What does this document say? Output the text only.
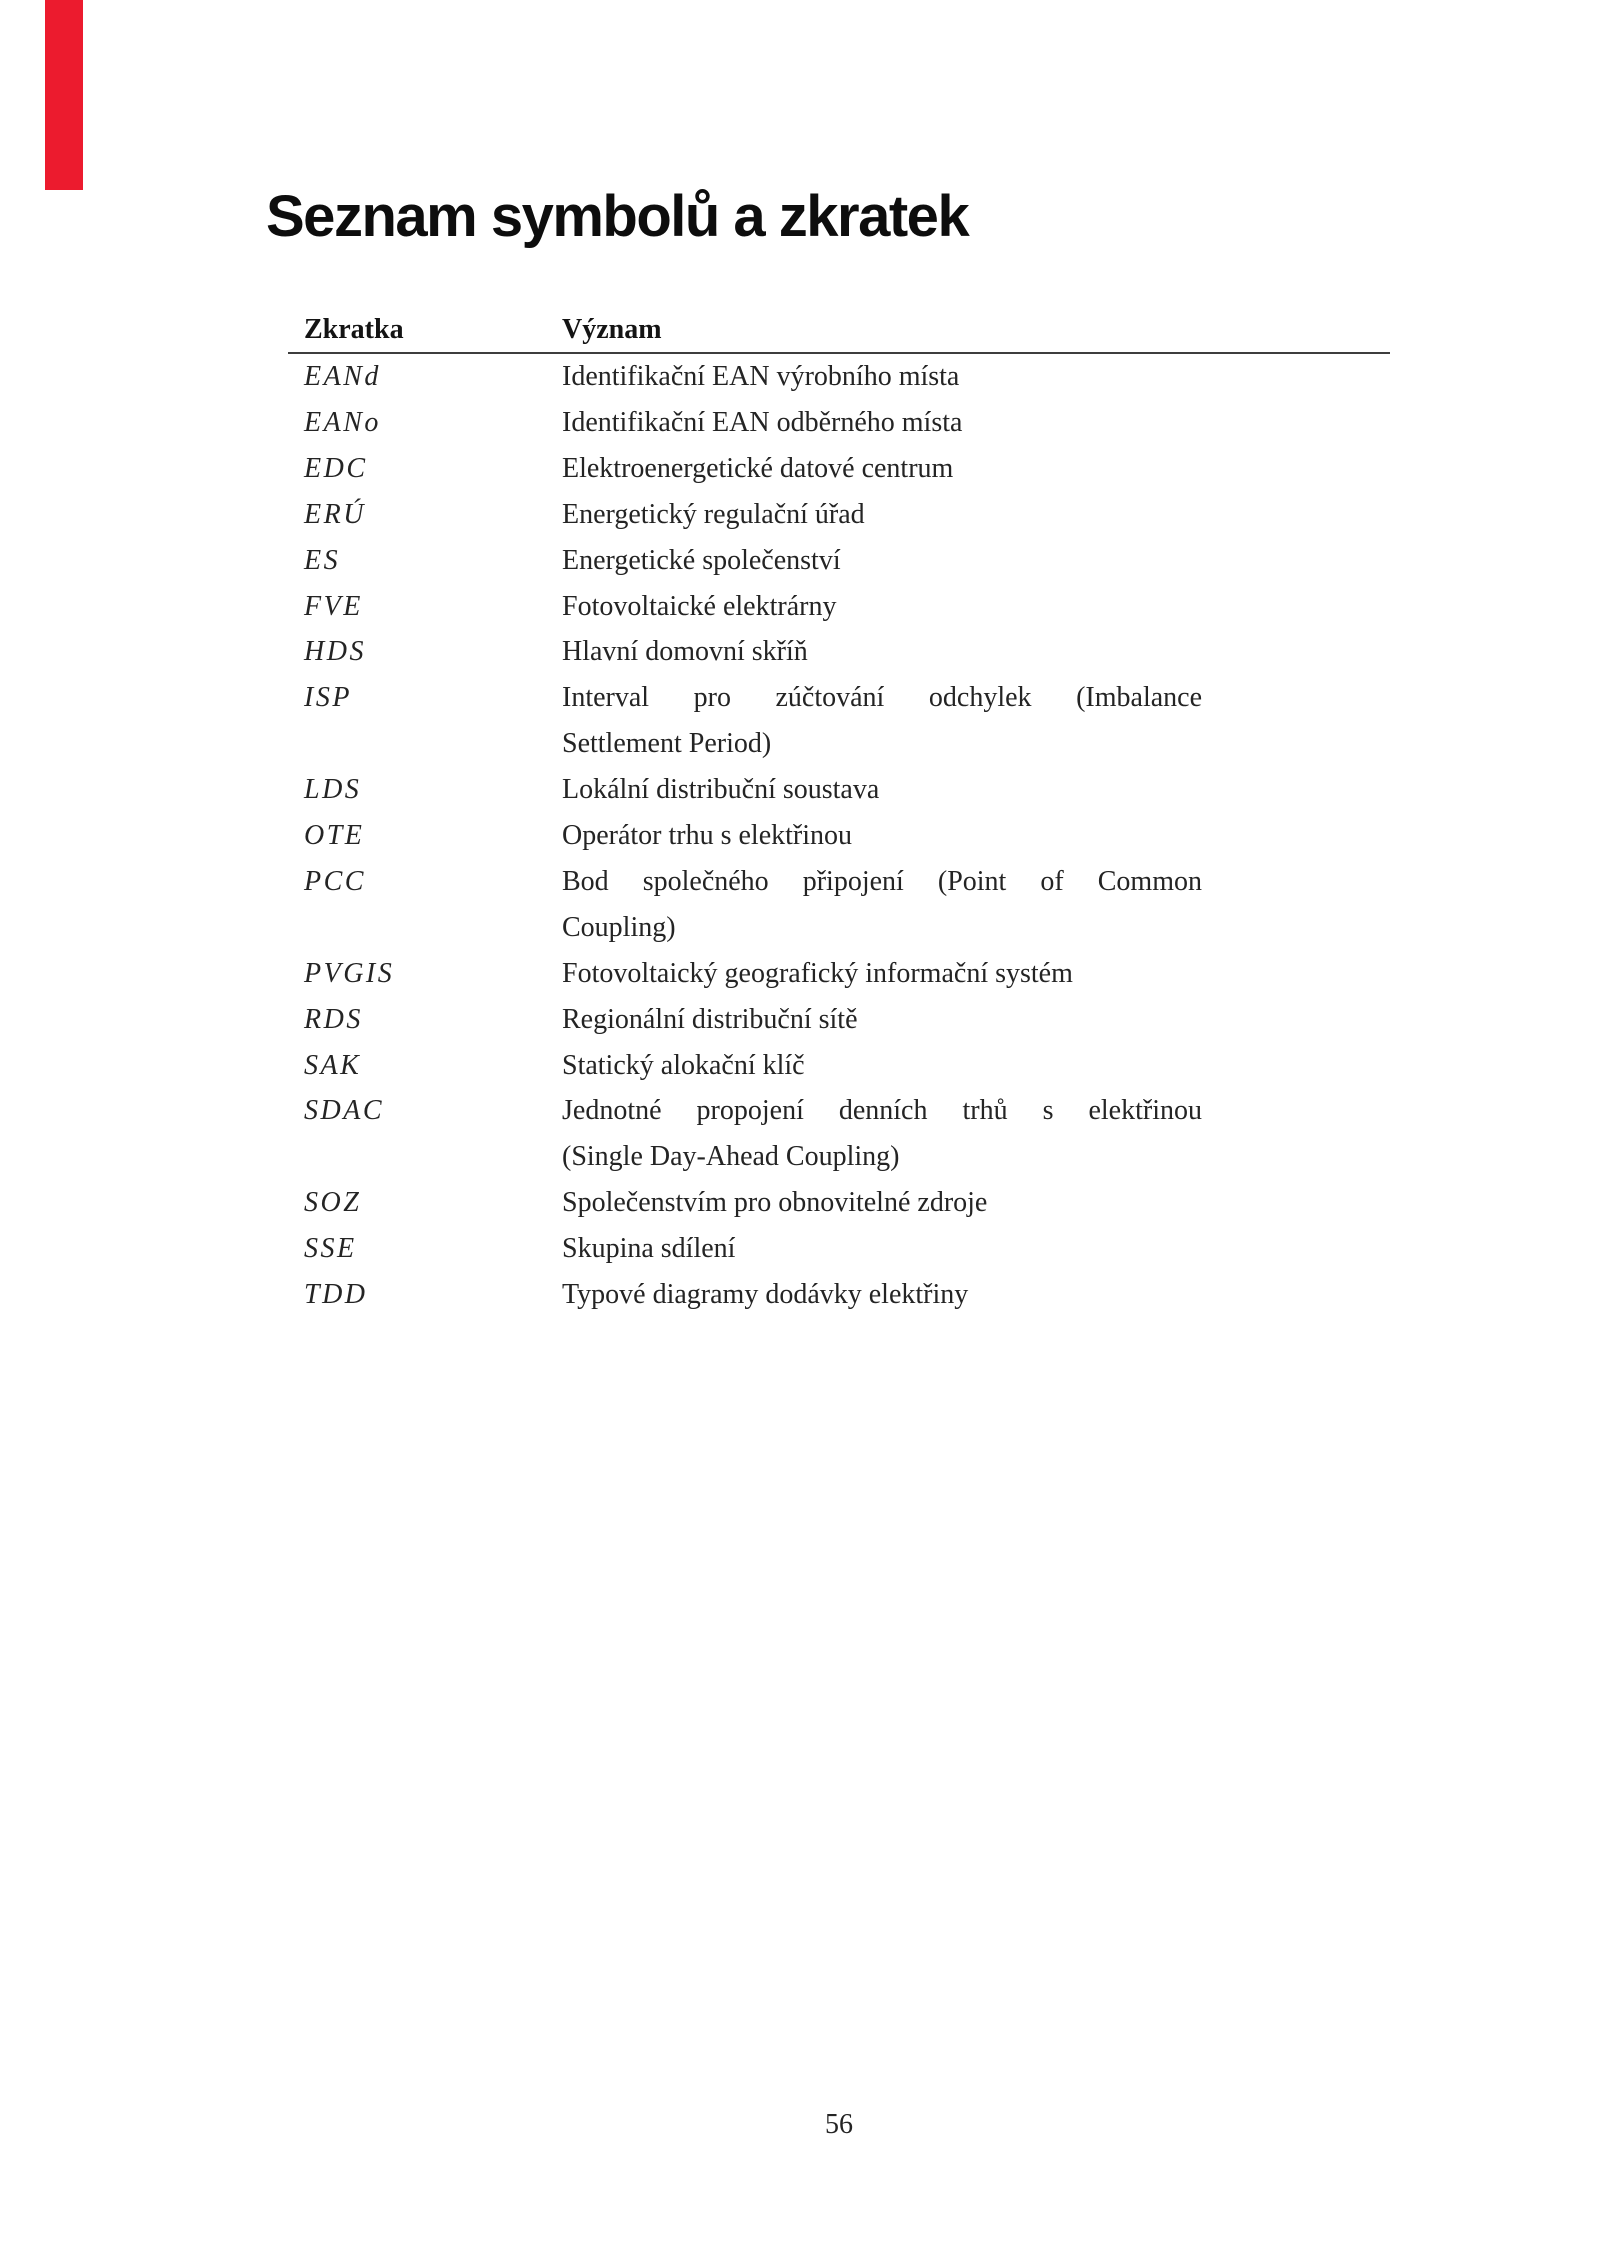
Seznam symbolů a zkratek
Zkratka	Význam
EANd	Identifikační EAN výrobního místa
EANo	Identifikační EAN odběrného místa
EDC	Elektroenergetické datové centrum
ERÚ	Energetický regulační úřad
ES	Energetické společenství
FVE	Fotovoltaické elektrárny
HDS	Hlavní domovní skříň
ISP	Interval pro zúčtování odchylek (Imbalance
Settlement Period)
LDS	Lokální distribuční soustava
OTE	Operátor trhu s elektřinou
PCC	Bod společného připojení (Point of Common
Coupling)
PVGIS	Fotovoltaický geografický informační systém
RDS	Regionální distribuční sítě
SAK	Statický alokační klíč
SDAC	Jednotné propojení denních trhů s elektřinou
(Single Day-Ahead Coupling)
SOZ	Společenstvím pro obnovitelné zdroje
SSE	Skupina sdílení
TDD	Typové diagramy dodávky elektřiny
56
